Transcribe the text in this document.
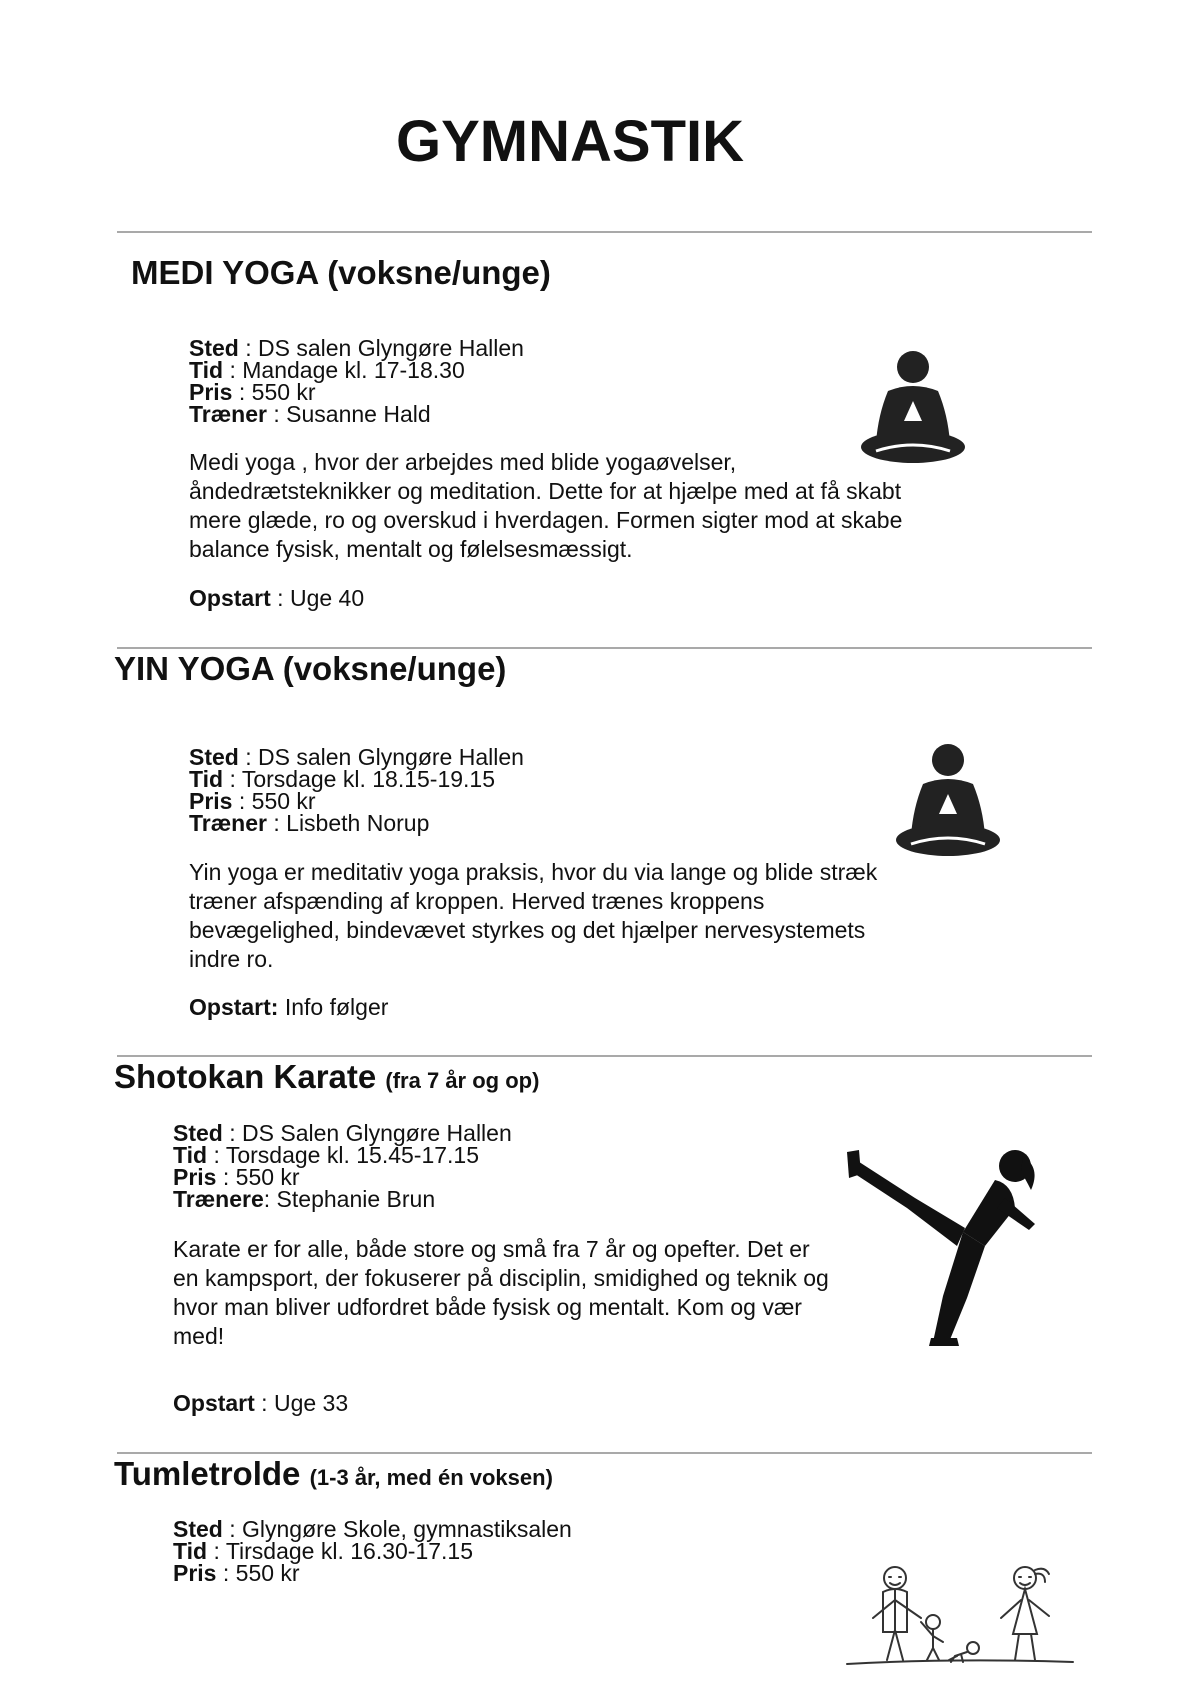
GYMNASTIK
MEDI YOGA (voksne/unge)
Sted : DS salen Glyngøre Hallen
Tid : Mandage kl. 17-18.30
Pris : 550 kr
Træner : Susanne Hald

Medi yoga , hvor der arbejdes med blide yogaøvelser, åndedrætsteknikker og meditation. Dette for at hjælpe med at få skabt mere glæde, ro og overskud i hverdagen. Formen sigter mod at skabe balance fysisk, mentalt og følelsesmæssigt.

Opstart : Uge 40
YIN YOGA (voksne/unge)
Sted : DS salen Glyngøre Hallen
Tid : Torsdage kl. 18.15-19.15
Pris : 550 kr
Træner : Lisbeth Norup

Yin yoga er meditativ yoga praksis, hvor du via lange og blide stræk træner afspænding af kroppen. Herved trænes kroppens bevægelighed, bindevævet styrkes og det hjælper nervesystemets indre ro.

Opstart: Info følger
Shotokan Karate (fra 7 år og op)
Sted : DS Salen Glyngøre Hallen
Tid : Torsdage kl. 15.45-17.15
Pris : 550 kr
Trænere: Stephanie Brun

Karate er for alle, både store og små fra 7 år og opefter. Det er en kampsport, der fokuserer på disciplin, smidighed og teknik og hvor man bliver udfordret både fysisk og mentalt. Kom og vær med!

Opstart : Uge 33
Tumletrolde (1-3 år, med én voksen)
Sted : Glyngøre Skole, gymnastiksalen
Tid : Tirsdage kl. 16.30-17.15
Pris : 550 kr
